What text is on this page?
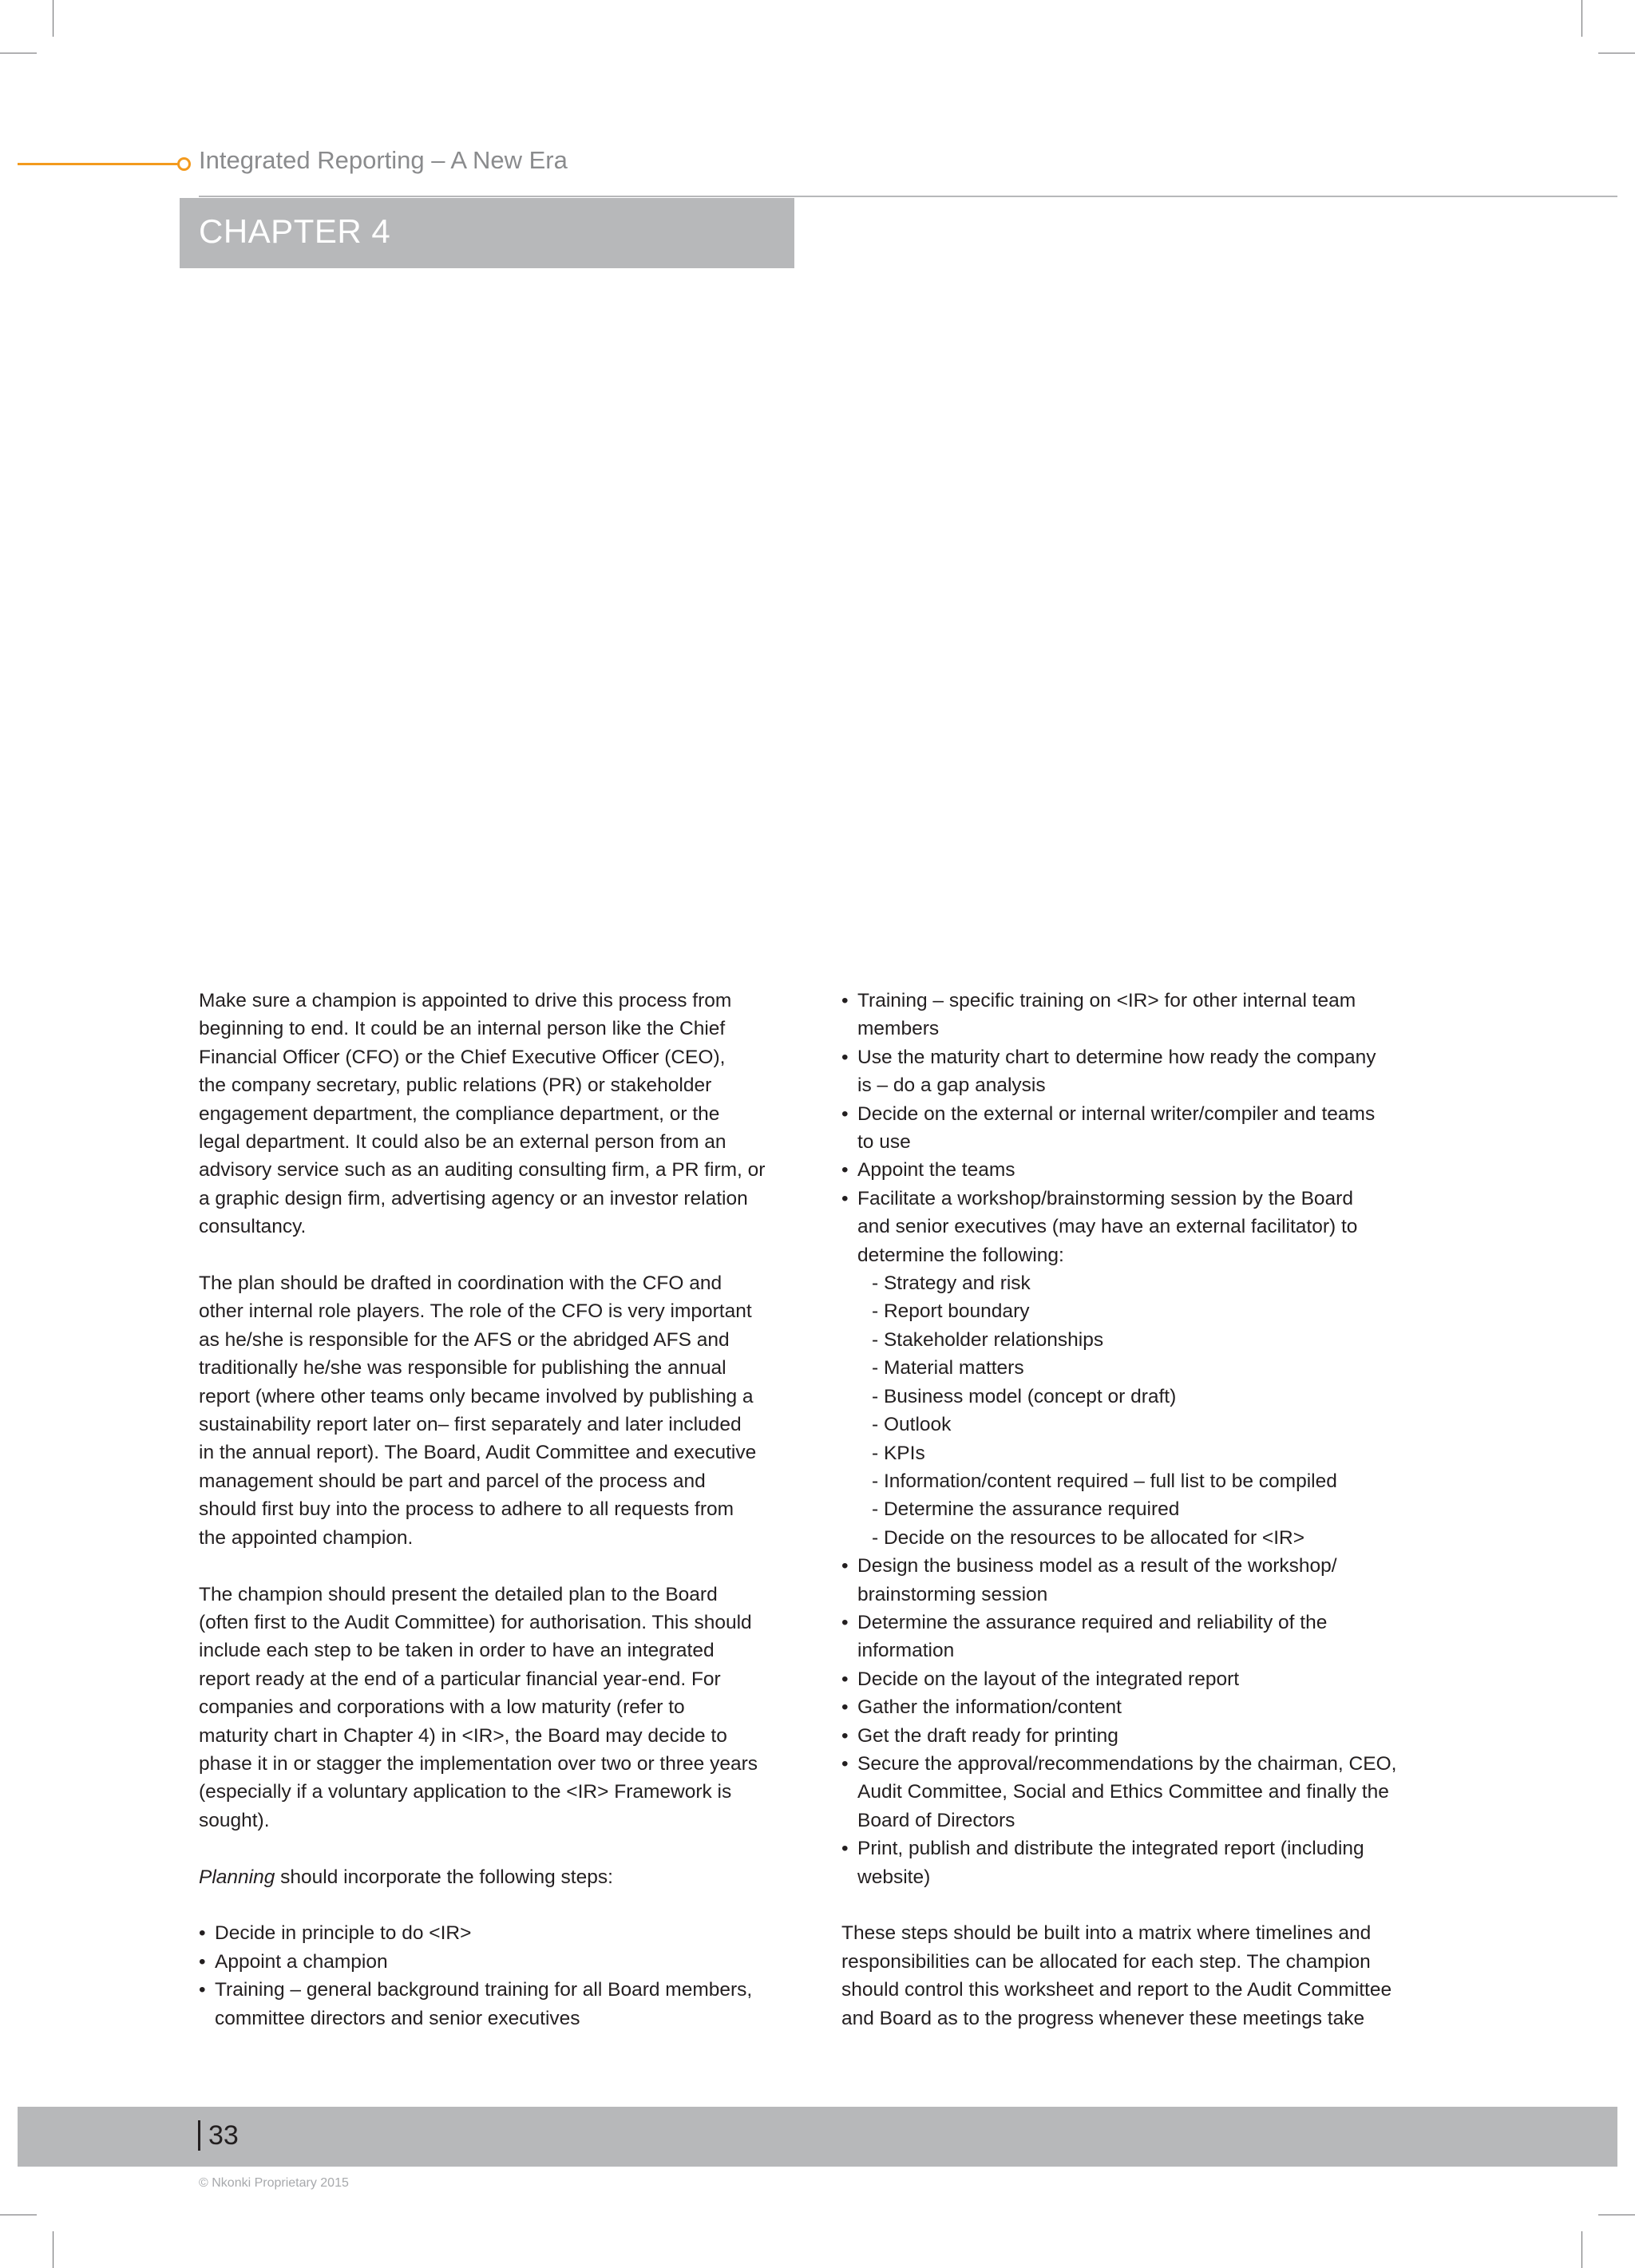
Integrated Reporting – A New Era
CHAPTER 4
Make sure a champion is appointed to drive this process from
beginning to end. It could be an internal person like the Chief
Financial Officer (CFO) or the Chief Executive Officer (CEO),
the company secretary, public relations (PR) or stakeholder
engagement department, the compliance department, or the
legal department. It could also be an external person from an
advisory service such as an auditing consulting firm, a PR firm, or
a graphic design firm, advertising agency or an investor relation
consultancy.
The plan should be drafted in coordination with the CFO and
other internal role players. The role of the CFO is very important
as he/she is responsible for the AFS or the abridged AFS and
traditionally he/she was responsible for publishing the annual
report (where other teams only became involved by publishing a
sustainability report later on– first separately and later included
in the annual report). The Board, Audit Committee and executive
management should be part and parcel of the process and
should first buy into the process to adhere to all requests from
the appointed champion.
The champion should present the detailed plan to the Board
(often first to the Audit Committee) for authorisation. This should
include each step to be taken in order to have an integrated
report ready at the end of a particular financial year-end. For
companies and corporations with a low maturity (refer to
maturity chart in Chapter 4) in <IR>, the Board may decide to
phase it in or stagger the implementation over two or three years
(especially if a voluntary application to the <IR> Framework is
sought).
Planning should incorporate the following steps:
• Decide in principle to do <IR>
• Appoint a champion
• Training – general background training for all Board members,
committee directors and senior executives
• Training – specific training on <IR> for other internal team
members
• Use the maturity chart to determine how ready the company
is – do a gap analysis
• Decide on the external or internal writer/compiler and teams
to use
• Appoint the teams
• Facilitate a workshop/brainstorming session by the Board
and senior executives (may have an external facilitator) to
determine the following:
- Strategy and risk
- Report boundary
- Stakeholder relationships
- Material matters
- Business model (concept or draft)
- Outlook
- KPIs
- Information/content required – full list to be compiled
- Determine the assurance required
- Decide on the resources to be allocated for <IR>
• Design the business model as a result of the workshop/
brainstorming session
• Determine the assurance required and reliability of the
information
• Decide on the layout of the integrated report
• Gather the information/content
• Get the draft ready for printing
• Secure the approval/recommendations by the chairman, CEO,
Audit Committee, Social and Ethics Committee and finally the
Board of Directors
• Print, publish and distribute the integrated report (including
website)
These steps should be built into a matrix where timelines and
responsibilities can be allocated for each step. The champion
should control this worksheet and report to the Audit Committee
and Board as to the progress whenever these meetings take
33
© Nkonki Proprietary 2015
